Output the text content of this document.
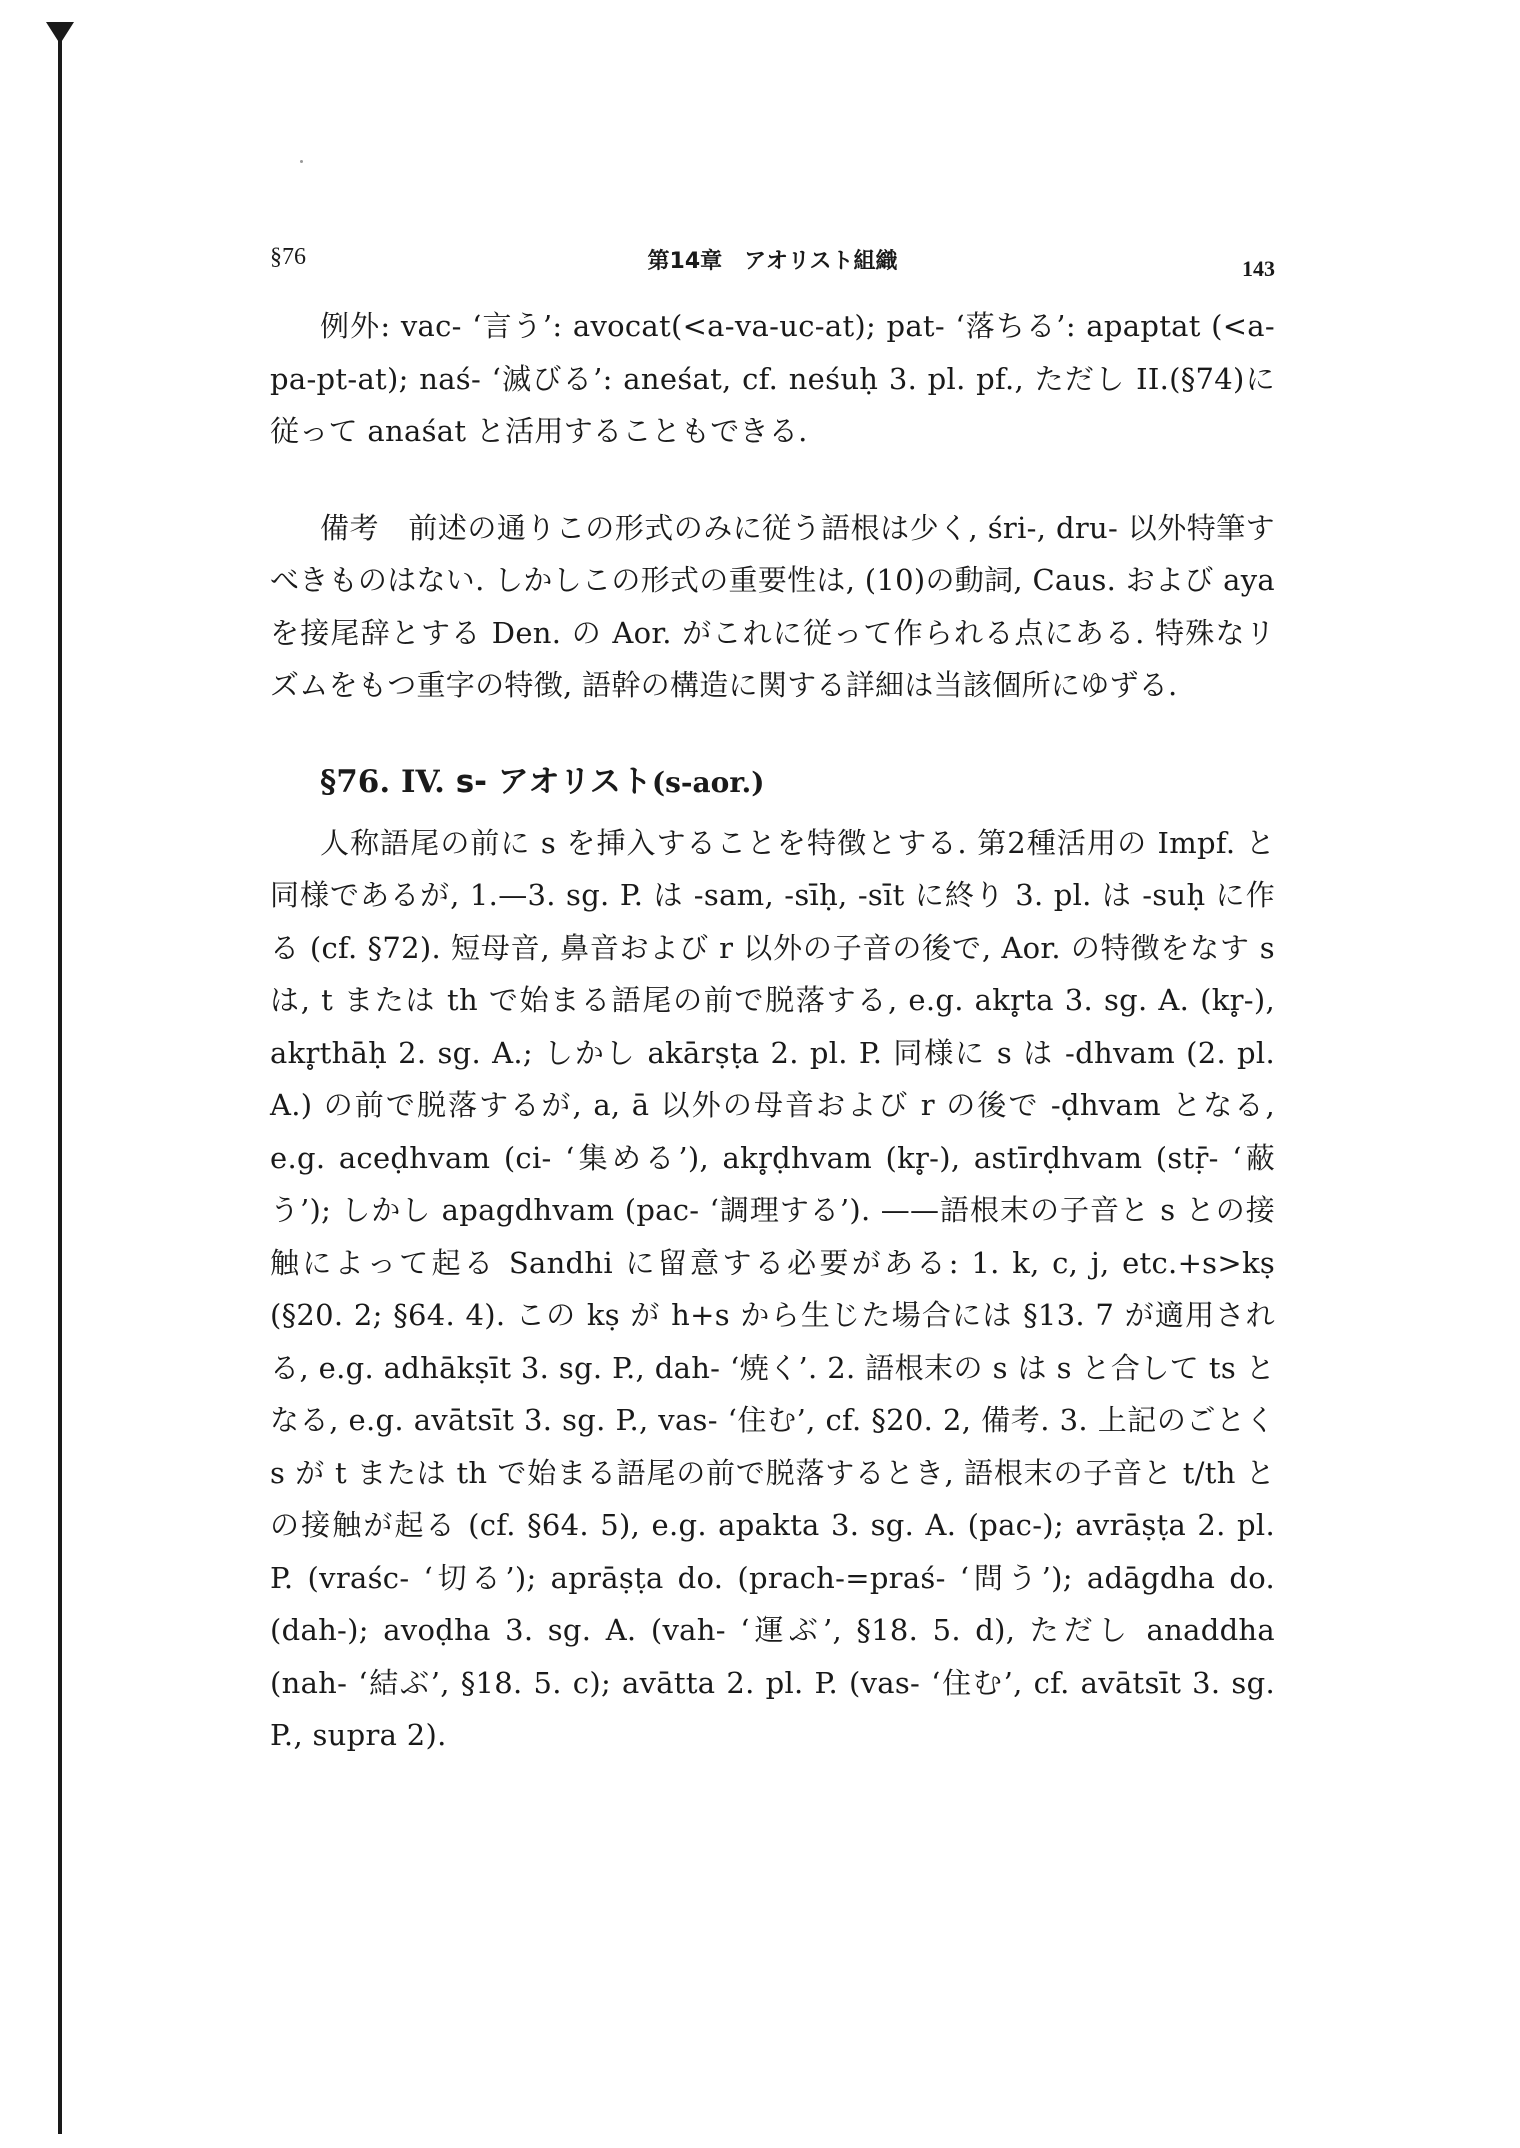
§76	第14章　アオリスト組織	143

例外: vac- ‘言う’: avocat(<a-va-uc-at); pat- ‘落ちる’: apaptat (<a-pa-pt-at); naś- ‘滅びる’: aneśat, cf. neśuḥ 3. pl. pf., ただし II.(§74)に従って anaśat と活用することもできる.

備考　前述の通りこの形式のみに従う語根は少く, śri-, dru- 以外特筆すべきものはない. しかしこの形式の重要性は, (10)の動詞, Caus. および aya を接尾辞とする Den. の Aor. がこれに従って作られる点にある. 特殊なリズムをもつ重字の特徴, 語幹の構造に関する詳細は当該個所にゆずる.

§76. IV. s- アオリスト(s-aor.)

人称語尾の前に s を挿入することを特徴とする. 第2種活用の Impf. と同様であるが, 1.—3. sg. P. は -sam, -sīḥ, -sīt に終り 3. pl. は -suḥ に作る (cf. §72). 短母音, 鼻音および r 以外の子音の後で, Aor. の特徴をなす s は, t または th で始まる語尾の前で脱落する, e.g. akr̥ta 3. sg. A. (kr̥-), akr̥thāḥ 2. sg. A.; しかし akārṣṭa 2. pl. P. 同様に s は -dhvam (2. pl. A.) の前で脱落するが, a, ā 以外の母音および r の後で -ḍhvam となる, e.g. aceḍhvam (ci- ‘集める’), akr̥ḍhvam (kr̥-), astīrḍhvam (stṝ- ‘蔽う’); しかし apagdhvam (pac- ‘調理する’). ——語根末の子音と s との接触によって起る Sandhi に留意する必要がある: 1. k, c, j, etc.+s>kṣ (§20. 2; §64. 4). この kṣ が h+s から生じた場合には §13. 7 が適用される, e.g. adhākṣīt 3. sg. P., dah- ‘焼く’. 2. 語根末の s は s と合して ts となる, e.g. avātsīt 3. sg. P., vas- ‘住む’, cf. §20. 2, 備考. 3. 上記のごとく s が t または th で始まる語尾の前で脱落するとき, 語根末の子音と t/th との接触が起る (cf. §64. 5), e.g. apakta 3. sg. A. (pac-); avrāṣṭa 2. pl. P. (vraśc- ‘切る’); aprāṣṭa do. (prach-=praś- ‘問う’); adāgdha do. (dah-); avoḍha 3. sg. A. (vah- ‘運ぶ’, §18. 5. d), ただし anaddha (nah- ‘結ぶ’, §18. 5. c); avātta 2. pl. P. (vas- ‘住む’, cf. avātsīt 3. sg. P., supra 2).
